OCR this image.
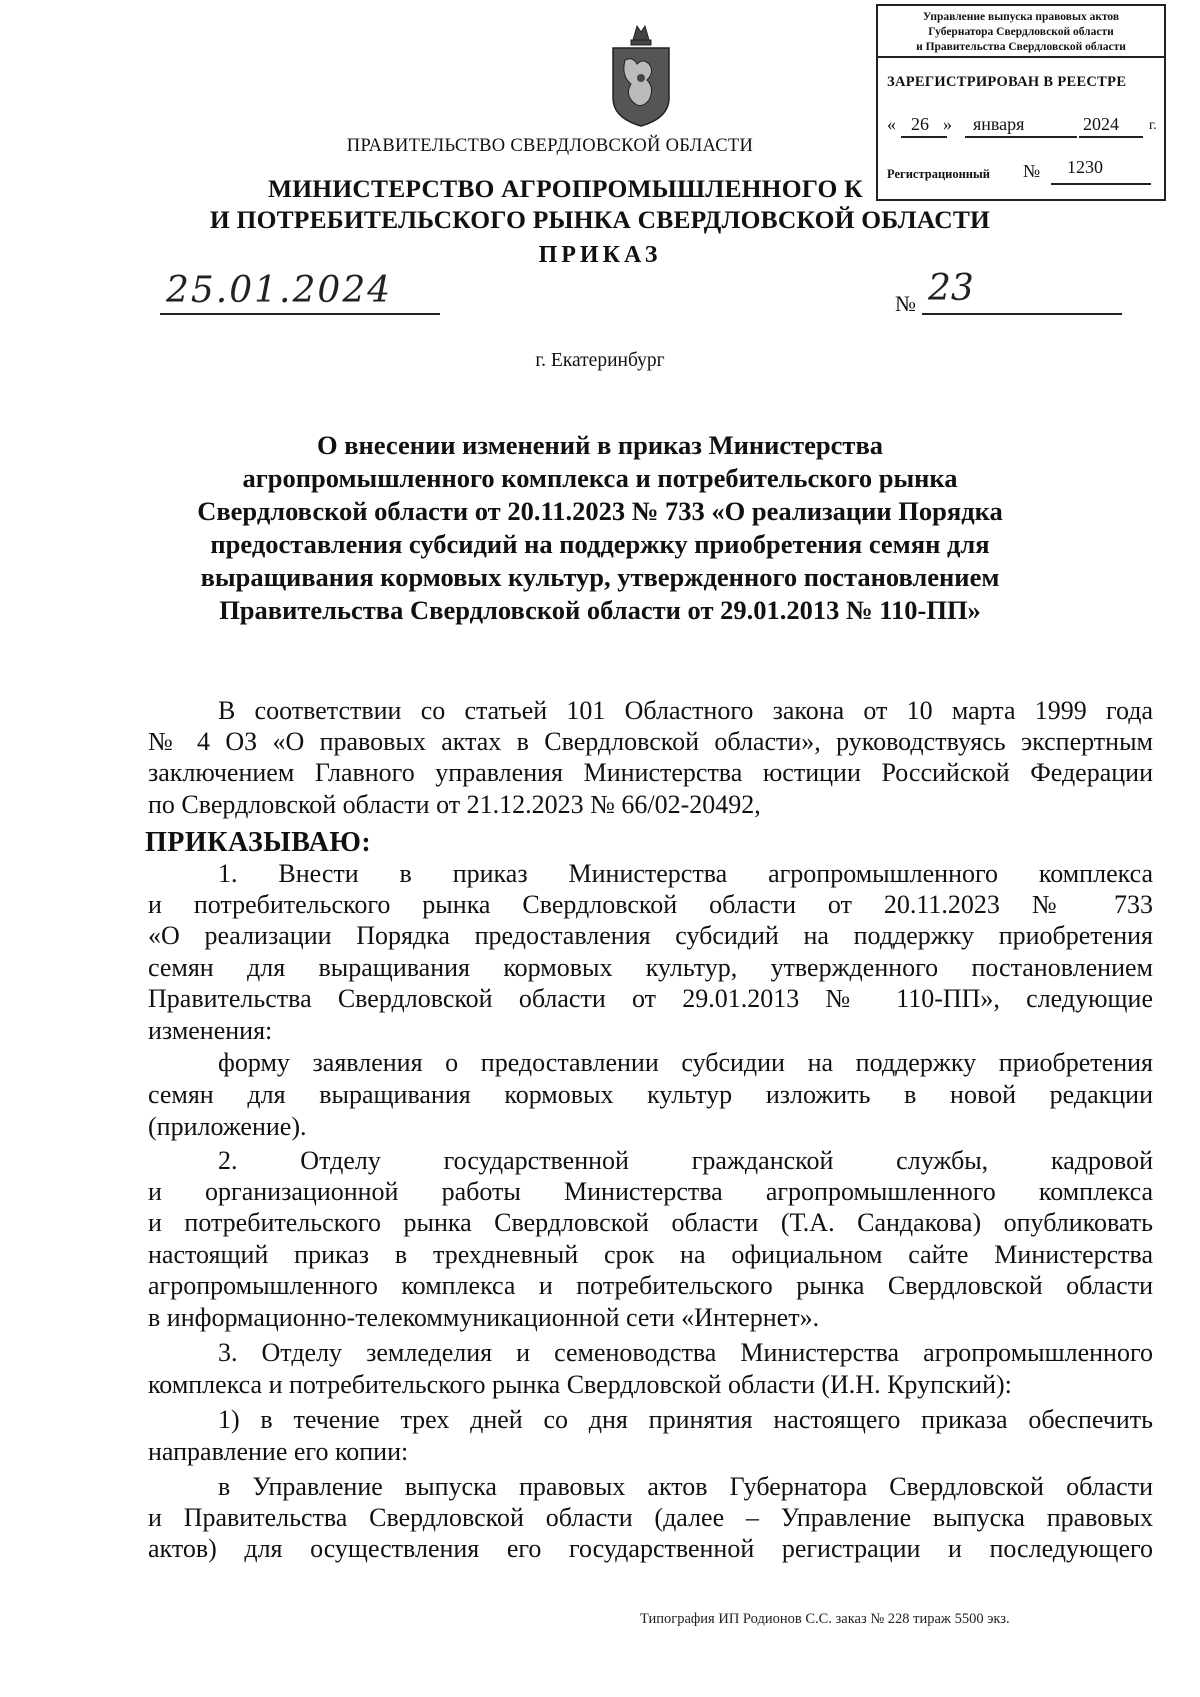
Управление выпуска правовых актов
Губернатора Свердловской области
и Правительства Свердловской области
ЗАРЕГИСТРИРОВАН В РЕЕСТРЕ
« 26 » января	2024 г.
Регистрационный № 1230
ПРАВИТЕЛЬСТВО СВЕРДЛОВСКОЙ ОБЛАСТИ
МИНИСТЕРСТВО АГРОПРОМЫШЛЕННОГО К
И ПОТРЕБИТЕЛЬСКОГО РЫНКА СВЕРДЛОВСКОЙ ОБЛАСТИ
ПРИКАЗ
25.01.2024	№ 23
г. Екатеринбург
О внесении изменений в приказ Министерства
агропромышленного комплекса и потребительского рынка
Свердловской области от 20.11.2023 № 733 «О реализации Порядка
предоставления субсидий на поддержку приобретения семян для
выращивания кормовых культур, утвержденного постановлением
Правительства Свердловской области от 29.01.2013 № 110-ПП»
В соответствии со статьей 101 Областного закона от 10 марта 1999 года
№ 4 ОЗ «О правовых актах в Свердловской области», руководствуясь экспертным
заключением Главного управления Министерства юстиции Российской Федерации
по Свердловской области от 21.12.2023 № 66/02-20492,
ПРИКАЗЫВАЮ:
1. Внести в приказ Министерства агропромышленного комплекса
и потребительского рынка Свердловской области от 20.11.2023 № 733
«О реализации Порядка предоставления субсидий на поддержку приобретения
семян для выращивания кормовых культур, утвержденного постановлением
Правительства Свердловской области от 29.01.2013 № 110-ПП», следующие
изменения:
форму заявления о предоставлении субсидии на поддержку приобретения
семян для выращивания кормовых культур изложить в новой редакции
(приложение).
2. Отделу государственной гражданской службы, кадровой
и организационной работы Министерства агропромышленного комплекса
и потребительского рынка Свердловской области (Т.А. Сандакова) опубликовать
настоящий приказ в трехдневный срок на официальном сайте Министерства
агропромышленного комплекса и потребительского рынка Свердловской области
в информационно-телекоммуникационной сети «Интернет».
3. Отделу земледелия и семеноводства Министерства агропромышленного
комплекса и потребительского рынка Свердловской области (И.Н. Крупский):
1) в течение трех дней со дня принятия настоящего приказа обеспечить
направление его копии:
в Управление выпуска правовых актов Губернатора Свердловской области
и Правительства Свердловской области (далее – Управление выпуска правовых
актов) для осуществления его государственной регистрации и последующего
Типография ИП Родионов С.С. заказ № 228 тираж 5500 экз.
